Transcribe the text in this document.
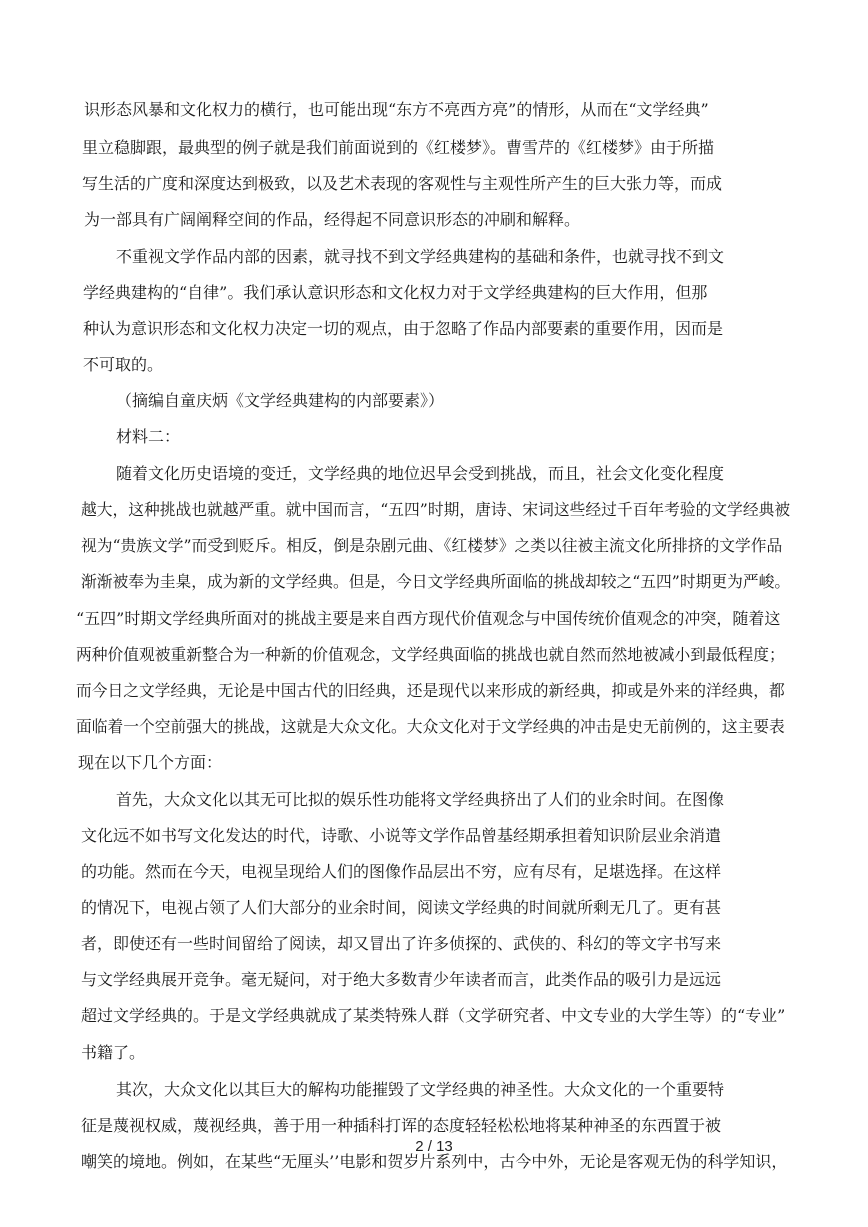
识形态风暴和文化权力的横行，也可能出现“东方不亮西方亮”的情形，从而在“文学经典”
里立稳脚跟，最典型的例子就是我们前面说到的《红楼梦》。曹雪芹的《红楼梦》由于所描
写生活的广度和深度达到极致，以及艺术表现的客观性与主观性所产生的巨大张力等，而成
为一部具有广阔阐释空间的作品，经得起不同意识形态的冲刷和解释。
不重视文学作品内部的因素，就寻找不到文学经典建构的基础和条件，也就寻找不到文
学经典建构的“自律”。我们承认意识形态和文化权力对于文学经典建构的巨大作用，但那
种认为意识形态和文化权力决定一切的观点，由于忽略了作品内部要素的重要作用，因而是
不可取的。
（摘编自童庆炳《文学经典建构的内部要素》）
材料二：
随着文化历史语境的变迁，文学经典的地位迟早会受到挑战，而且，社会文化变化程度
越大，这种挑战也就越严重。就中国而言，“五四”时期，唐诗、宋词这些经过千百年考验的文学经典被
视为“贵族文学”而受到贬斥。相反，倒是杂剧元曲、《红楼梦》之类以往被主流文化所排挤的文学作品
渐渐被奉为圭臬，成为新的文学经典。但是，今日文学经典所面临的挑战却较之“五四”时期更为严峻。
“五四”时期文学经典所面对的挑战主要是来自西方现代价值观念与中国传统价值观念的冲突，随着这
两种价值观被重新整合为一种新的价值观念，文学经典面临的挑战也就自然而然地被减小到最低程度；
而今日之文学经典，无论是中国古代的旧经典，还是现代以来形成的新经典，抑或是外来的洋经典，都
面临着一个空前强大的挑战，这就是大众文化。大众文化对于文学经典的冲击是史无前例的，这主要表
现在以下几个方面：
首先，大众文化以其无可比拟的娱乐性功能将文学经典挤出了人们的业余时间。在图像
文化远不如书写文化发达的时代，诗歌、小说等文学作品曾基经期承担着知识阶层业余消遣
的功能。然而在今天，电视呈现给人们的图像作品层出不穷，应有尽有，足堪选择。在这样
的情况下，电视占领了人们大部分的业余时间，阅读文学经典的时间就所剩无几了。更有甚
者，即使还有一些时间留给了阅读，却又冒出了许多侦探的、武侠的、科幻的等文字书写来
与文学经典展开竞争。毫无疑问，对于绝大多数青少年读者而言，此类作品的吸引力是远远
超过文学经典的。于是文学经典就成了某类特殊人群（文学研究者、中文专业的大学生等）的“专业”
书籍了。
其次，大众文化以其巨大的解构功能摧毁了文学经典的神圣性。大众文化的一个重要特
征是蔑视权威，蔑视经典，善于用一种插科打诨的态度轻轻松松地将某种神圣的东西置于被
嘲笑的境地。例如，在某些“无厘头’’电影和贺岁片系列中，古今中外，无论是客观无伪的科学知识，
2 / 13
